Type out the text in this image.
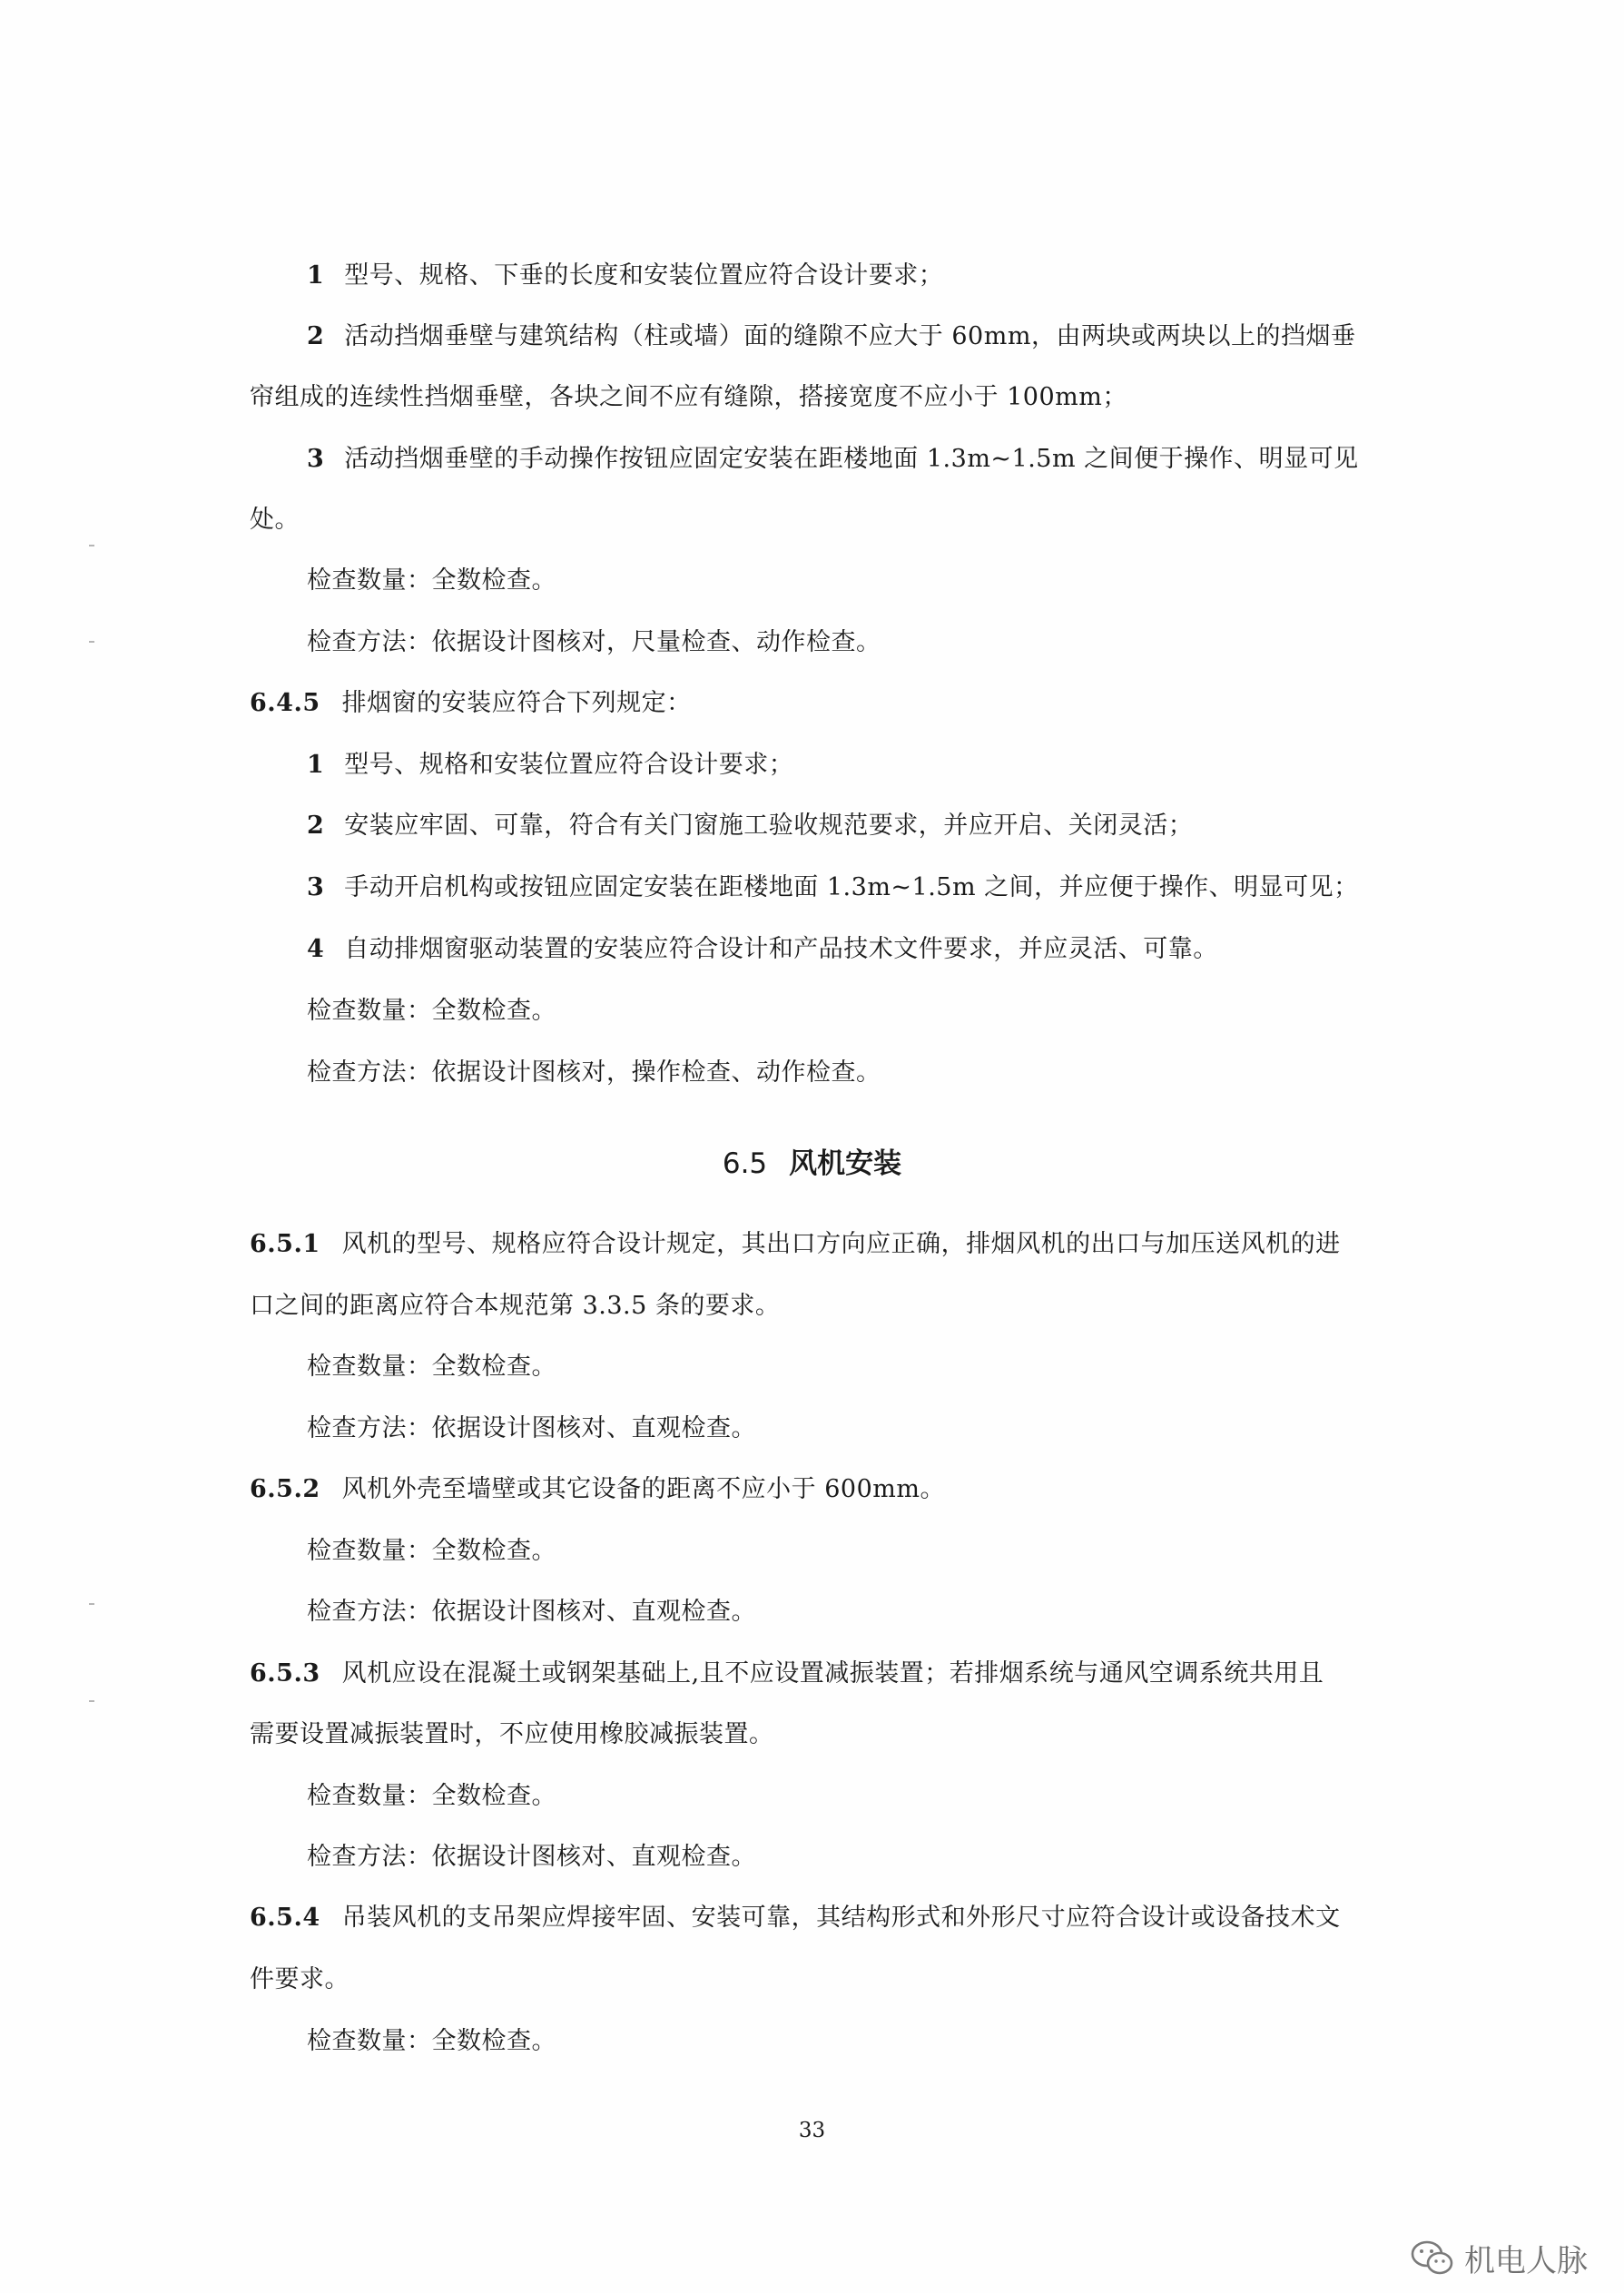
1 型号、规格、下垂的长度和安装位置应符合设计要求；
2 活动挡烟垂壁与建筑结构（柱或墙）面的缝隙不应大于 60mm，由两块或两块以上的挡烟垂
帘组成的连续性挡烟垂壁，各块之间不应有缝隙，搭接宽度不应小于 100mm；
3 活动挡烟垂壁的手动操作按钮应固定安装在距楼地面 1.3m~1.5m 之间便于操作、明显可见
处。
检查数量：全数检查。
检查方法：依据设计图核对，尺量检查、动作检查。
6.4.5 排烟窗的安装应符合下列规定：
1 型号、规格和安装位置应符合设计要求；
2 安装应牢固、可靠，符合有关门窗施工验收规范要求，并应开启、关闭灵活；
3 手动开启机构或按钮应固定安装在距楼地面 1.3m~1.5m 之间，并应便于操作、明显可见；
4 自动排烟窗驱动装置的安装应符合设计和产品技术文件要求，并应灵活、可靠。
检查数量：全数检查。
检查方法：依据设计图核对，操作检查、动作检查。
6.5 风机安装
6.5.1 风机的型号、规格应符合设计规定，其出口方向应正确，排烟风机的出口与加压送风机的进
口之间的距离应符合本规范第 3.3.5 条的要求。
检查数量：全数检查。
检查方法：依据设计图核对、直观检查。
6.5.2 风机外壳至墙壁或其它设备的距离不应小于 600mm。
检查数量：全数检查。
检查方法：依据设计图核对、直观检查。
6.5.3 风机应设在混凝土或钢架基础上,且不应设置减振装置；若排烟系统与通风空调系统共用且
需要设置减振装置时，不应使用橡胶减振装置。
检查数量：全数检查。
检查方法：依据设计图核对、直观检查。
6.5.4 吊装风机的支吊架应焊接牢固、安装可靠，其结构形式和外形尺寸应符合设计或设备技术文
件要求。
检查数量：全数检查。
33
机电人脉
